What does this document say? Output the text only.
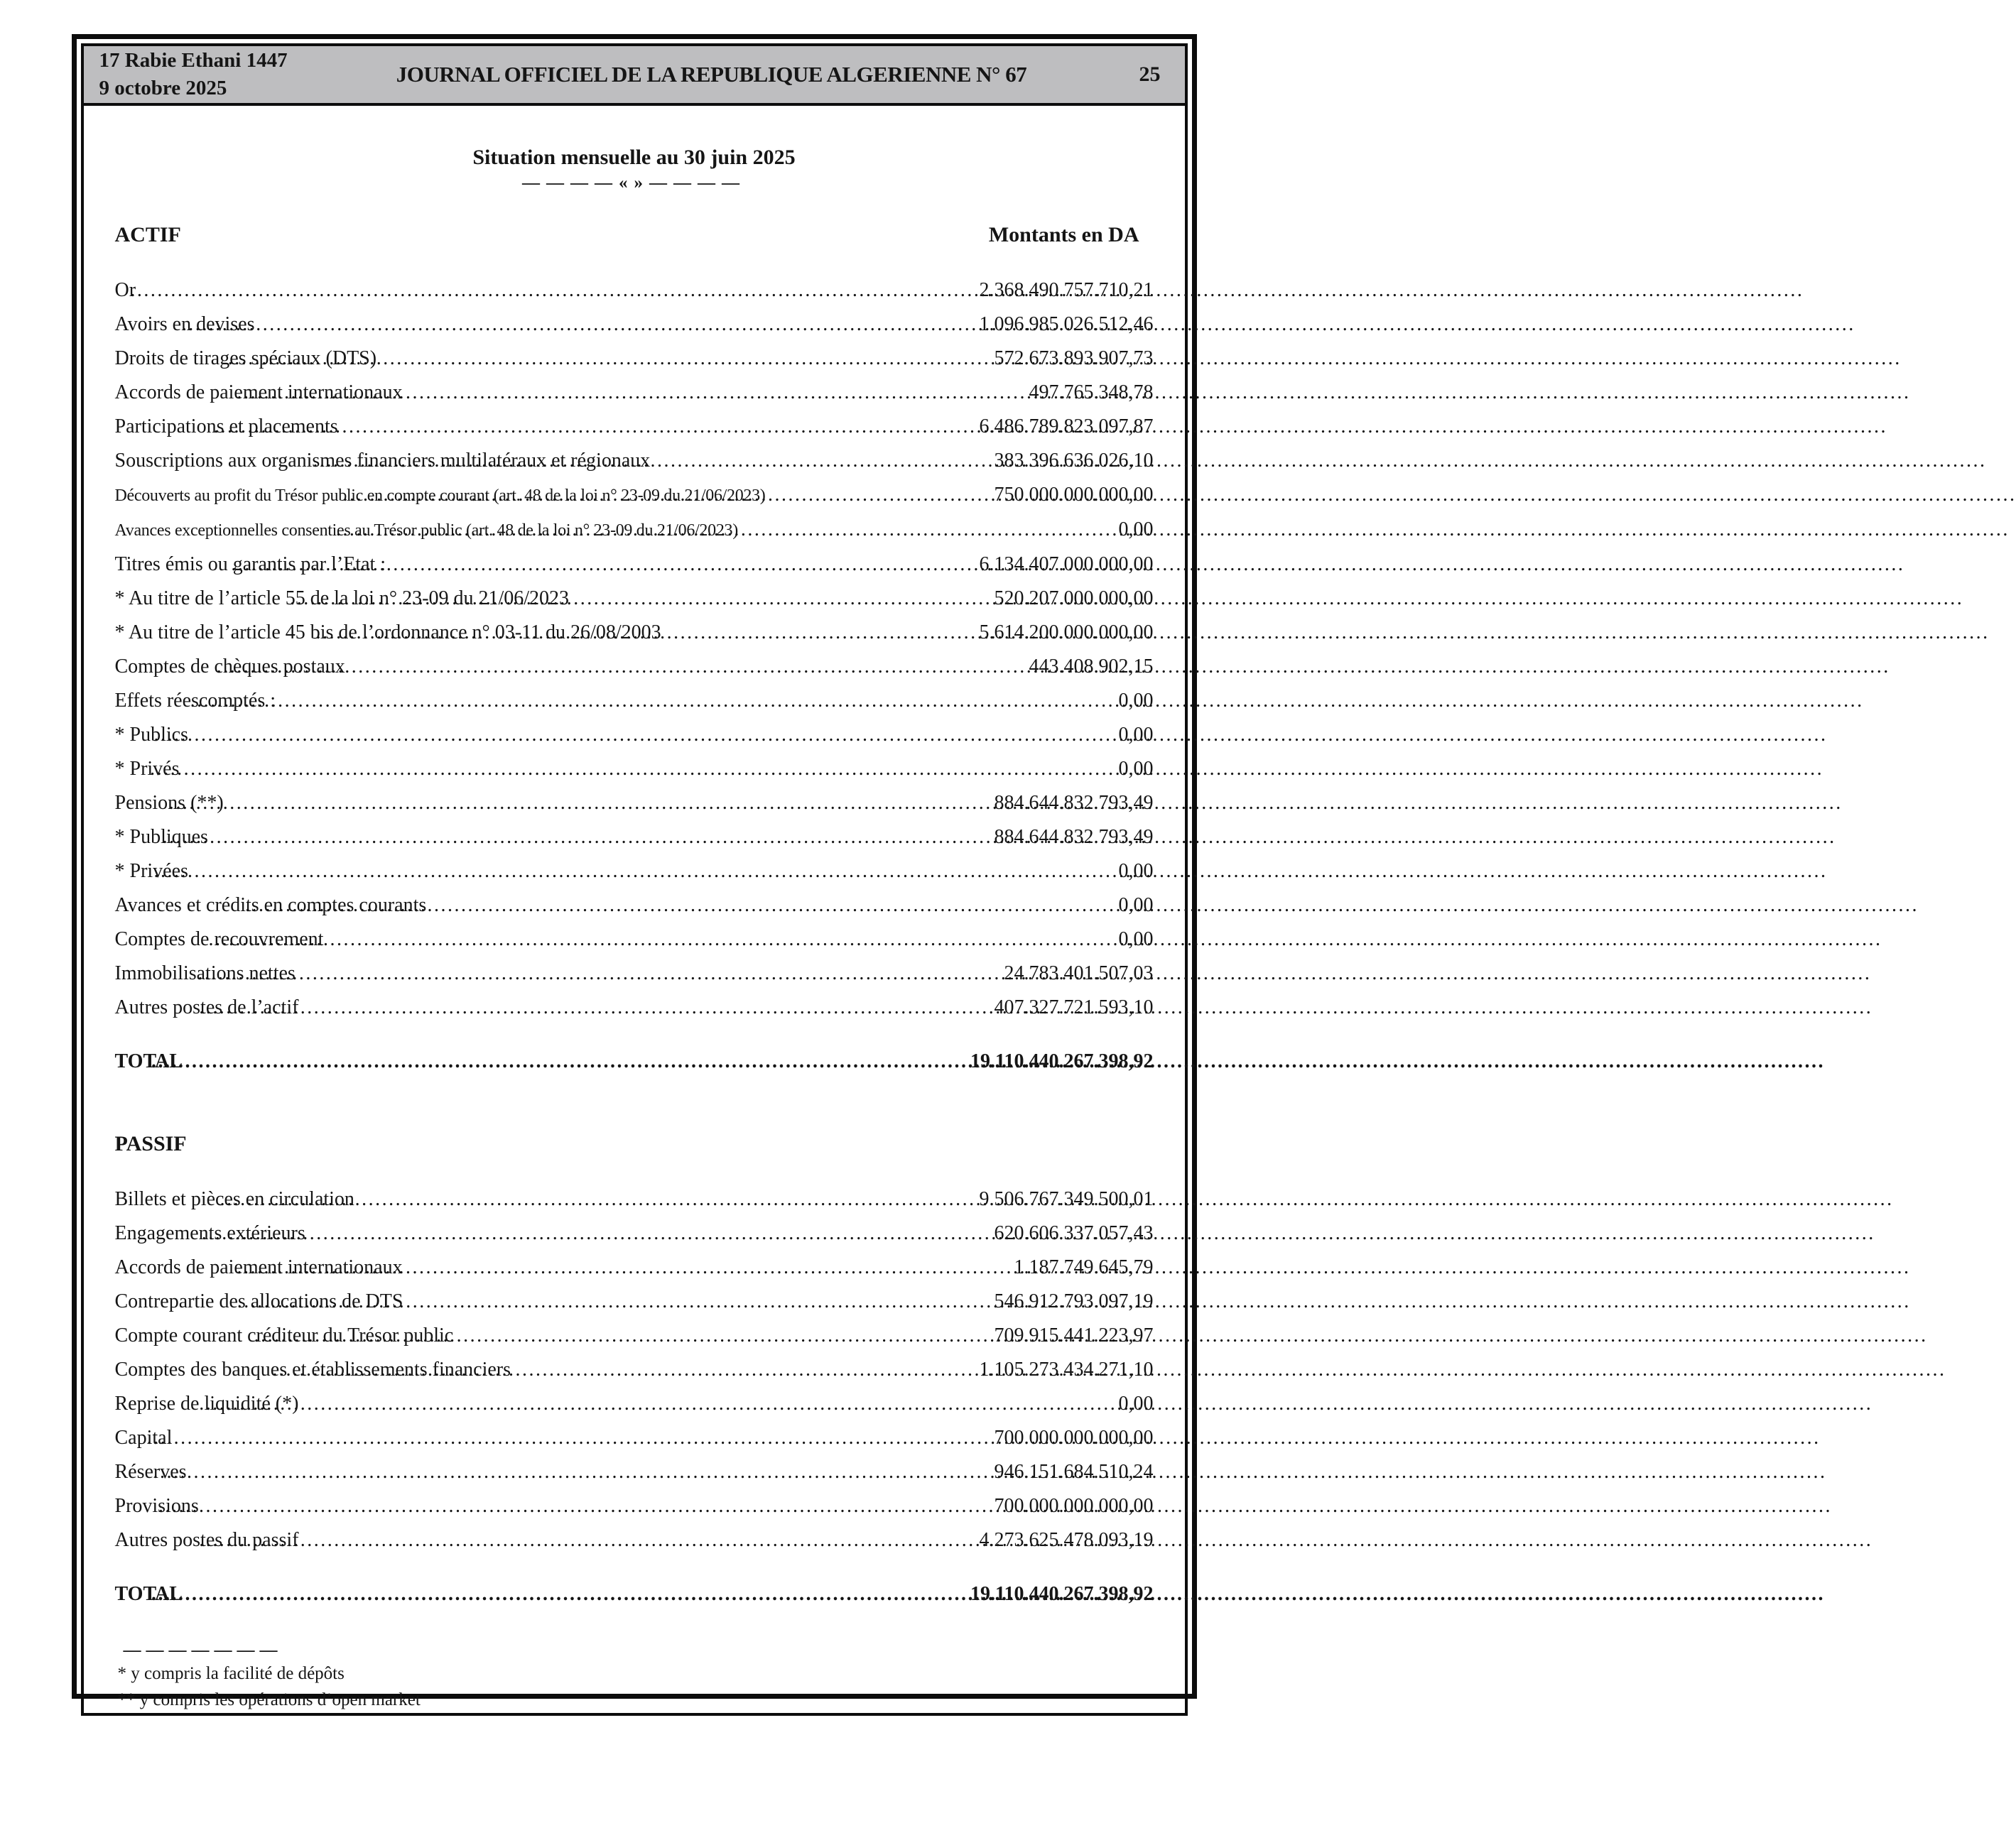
17 Rabie Ethani 1447
9 octobre 2025
JOURNAL OFFICIEL DE LA REPUBLIQUE ALGERIENNE N° 67	25
Situation mensuelle au 30 juin 2025
————«»————
ACTIF	Montants en DA
Or .....	2.368.490.757.710,21
Avoirs en devises .....	1.096.985.026.512,46
Droits de tirages spéciaux (DTS) .....	572.673.893.907,73
Accords de paiement internationaux .....	497.765.348,78
Participations et placements .....	6.486.789.823.097,87
Souscriptions aux organismes financiers multilatéraux et régionaux .....	383.396.636.026,10
Découverts au profit du Trésor public en compte courant (art. 48 de la loi n° 23-09 du 21/06/2023) .....	750.000.000.000,00
Avances exceptionnelles consenties au Trésor public (art. 48 de la loi n° 23-09 du 21/06/2023) .....	0,00
Titres émis ou garantis par l’Etat : .....	6.134.407.000.000,00
* Au titre de l’article 55 de la loi n° 23-09 du 21/06/2023 .....	520.207.000.000,00
* Au titre de l’article 45 bis de l’ordonnance n° 03-11 du 26/08/2003 .....	5.614.200.000.000,00
Comptes de chèques postaux .....	443.408.902,15
Effets réescomptés : .....	0,00
* Publics .....	0,00
* Privés .....	0,00
Pensions (**) .....	884.644.832.793,49
* Publiques .....	884.644.832.793,49
* Privées .....	0,00
Avances et crédits en comptes courants .....	0,00
Comptes de recouvrement .....	0,00
Immobilisations nettes .....	24.783.401.507,03
Autres postes de l’actif .....	407.327.721.593,10
TOTAL .....	19.110.440.267.398,92
PASSIF
Billets et pièces en circulation .....	9.506.767.349.500,01
Engagements extérieurs .....	620.606.337.057,43
Accords de paiement internationaux .....	1.187.749.645,79
Contrepartie des allocations de DTS .....	546.912.793.097,19
Compte courant créditeur du Trésor public .....	709.915.441.223,97
Comptes des banques et établissements financiers .....	1.105.273.434.271,10
Reprise de liquidité (*) .....	0,00
Capital .....	700.000.000.000,00
Réserves .....	946.151.684.510,24
Provisions .....	700.000.000.000,00
Autres postes du passif .....	4.273.625.478.093,19
TOTAL .....	19.110.440.267.398,92
———————
* y compris la facilité de dépôts
** y compris les opérations d’open market
